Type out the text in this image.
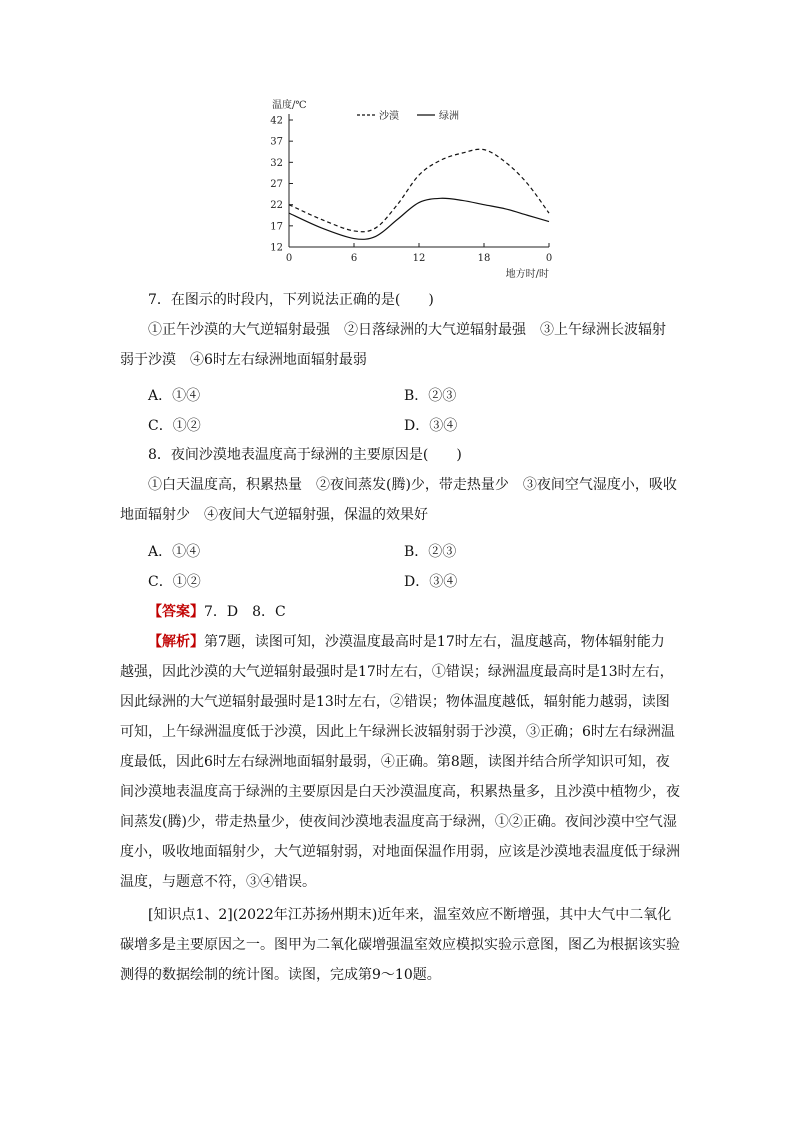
42
37
32
27
22
17
12
0	6	12	18	0
温度/℃
地方时/时
沙漠	绿洲
7．在图示的时段内，下列说法正确的是(　　)
①正午沙漠的大气逆辐射最强　②日落绿洲的大气逆辐射最强　③上午绿洲长波辐射
弱于沙漠　④6时左右绿洲地面辐射最弱
A．①④	B．②③
C．①②	D．③④
8．夜间沙漠地表温度高于绿洲的主要原因是(　　)
①白天温度高，积累热量　②夜间蒸发(腾)少，带走热量少　③夜间空气湿度小，吸收
地面辐射少　④夜间大气逆辐射强，保温的效果好
A．①④	B．②③
C．①②	D．③④
【答案】7．D　8．C
【解析】第7题，读图可知，沙漠温度最高时是17时左右，温度越高，物体辐射能力
越强，因此沙漠的大气逆辐射最强时是17时左右，①错误；绿洲温度最高时是13时左右，
因此绿洲的大气逆辐射最强时是13时左右，②错误；物体温度越低，辐射能力越弱，读图
可知，上午绿洲温度低于沙漠，因此上午绿洲长波辐射弱于沙漠，③正确；6时左右绿洲温
度最低，因此6时左右绿洲地面辐射最弱，④正确。第8题，读图并结合所学知识可知，夜
间沙漠地表温度高于绿洲的主要原因是白天沙漠温度高，积累热量多，且沙漠中植物少，夜
间蒸发(腾)少，带走热量少，使夜间沙漠地表温度高于绿洲，①②正确。夜间沙漠中空气湿
度小，吸收地面辐射少，大气逆辐射弱，对地面保温作用弱，应该是沙漠地表温度低于绿洲
温度，与题意不符，③④错误。
[知识点1、2](2022年江苏扬州期末)近年来，温室效应不断增强，其中大气中二氧化
碳增多是主要原因之一。图甲为二氧化碳增强温室效应模拟实验示意图，图乙为根据该实验
测得的数据绘制的统计图。读图，完成第9～10题。
